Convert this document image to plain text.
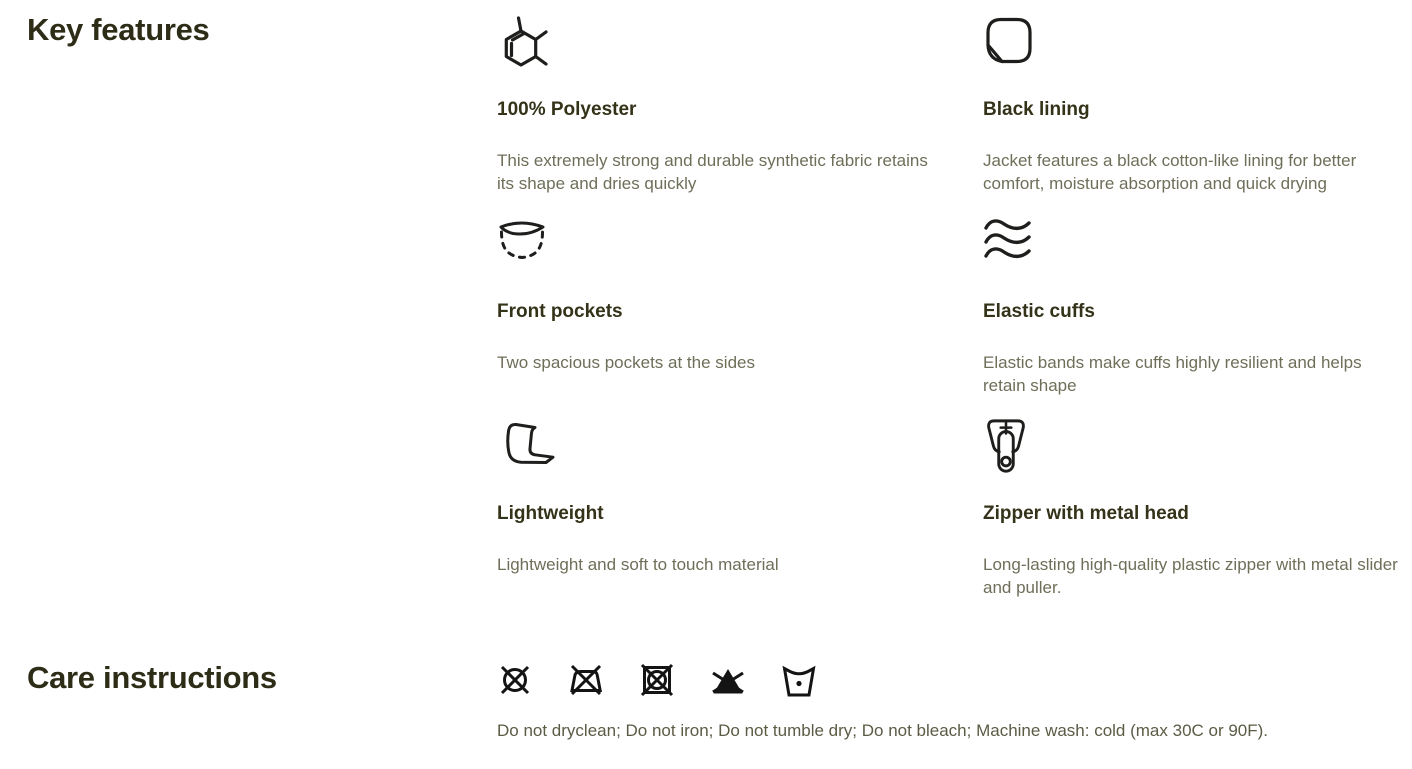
Key features
100% Polyester

This extremely strong and durable synthetic fabric retains its shape and dries quickly

Black lining

Jacket features a black cotton-like lining for better comfort, moisture absorption and quick drying

Front pockets

Two spacious pockets at the sides

Elastic cuffs

Elastic bands make cuffs highly resilient and helps retain shape

Lightweight

Lightweight and soft to touch material

Zipper with metal head

Long-lasting high-quality plastic zipper with metal slider and puller.

Care instructions

Do not dryclean; Do not iron; Do not tumble dry; Do not bleach; Machine wash: cold (max 30C or 90F).
